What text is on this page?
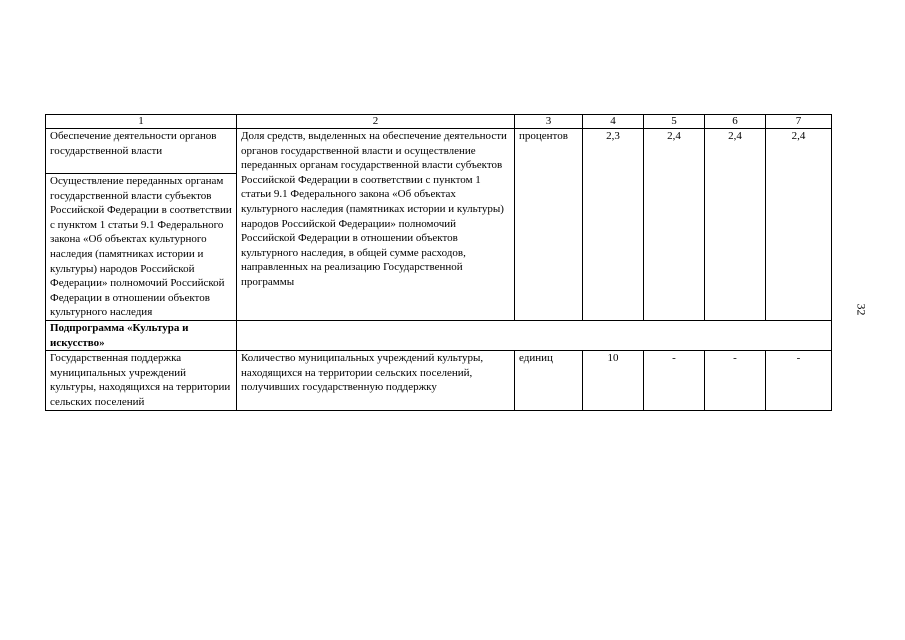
1	2	3	4	5	6	7
Обеспечение деятельности органов государственной власти	Доля средств, выделенных на обеспечение деятельности органов государственной власти и осуществление переданных органам государственной власти субъектов Российской Федерации в соответствии с пунктом 1 статьи 9.1 Федерального закона «Об объектах культурного наследия (памятниках истории и культуры) народов Российской Федерации» полномочий Российской Федерации в отношении объектов культурного наследия, в общей сумме расходов, направленных на реализацию Государственной программы	процентов	2,3	2,4	2,4	2,4
Осуществление переданных органам государственной власти субъектов Российской Федерации в соответствии с пунктом 1 статьи 9.1 Федерального закона «Об объектах культурного наследия (памятниках истории и культуры) народов Российской Федерации» полномочий Российской Федерации в отношении объектов культурного наследия						
Подпрограмма «Культура и искусство»						
Государственная поддержка муниципальных учреждений культуры, находящихся на территории сельских поселений	Количество муниципальных учреждений культуры, находящихся на территории сельских поселений, получивших государственную поддержку	единиц	10	-	-	-
32
